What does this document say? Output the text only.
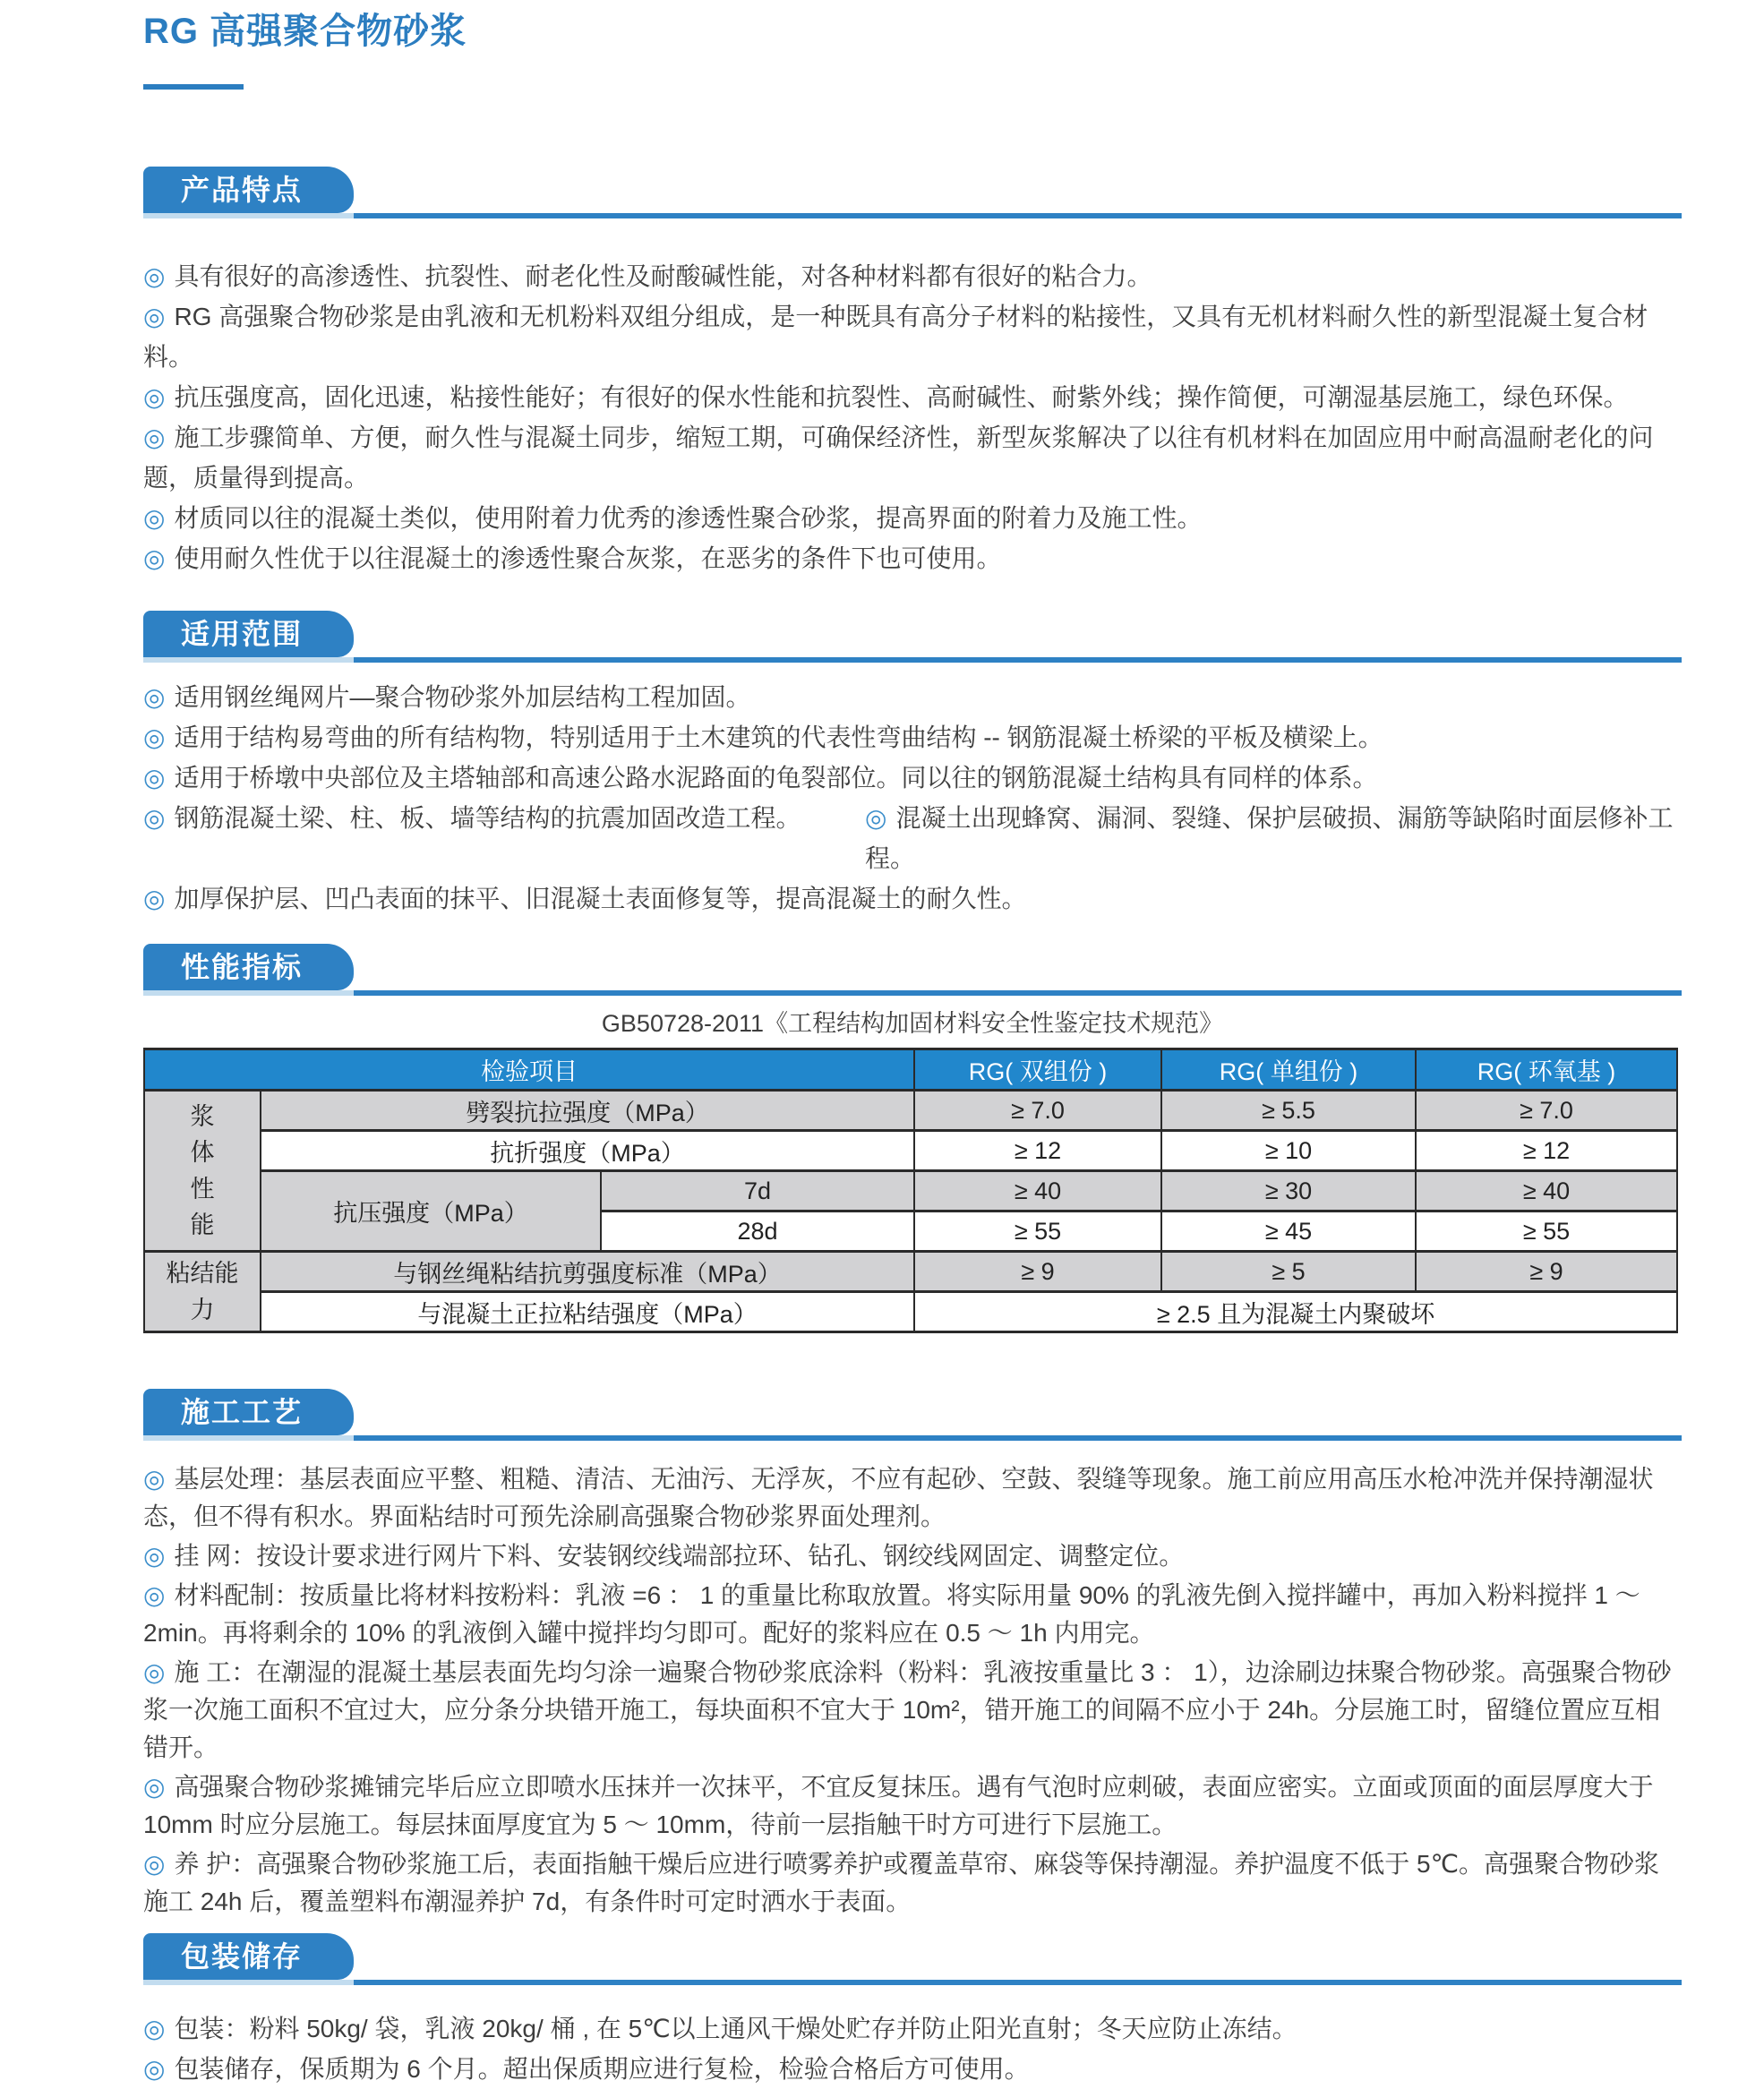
RG 高强聚合物砂浆
产品特点

◎ 具有很好的高渗透性、抗裂性、耐老化性及耐酸碱性能，对各种材料都有很好的粘合力。

◎ RG 高强聚合物砂浆是由乳液和无机粉料双组分组成，是一种既具有高分子材料的粘接性，又具有无机材料耐久性的新型混凝土复合材料。

◎ 抗压强度高，固化迅速，粘接性能好；有很好的保水性能和抗裂性、高耐碱性、耐紫外线；操作简便，可潮湿基层施工，绿色环保。

◎ 施工步骤简单、方便，耐久性与混凝土同步，缩短工期，可确保经济性，新型灰浆解决了以往有机材料在加固应用中耐高温耐老化的问题，质量得到提高。

◎ 材质同以往的混凝土类似，使用附着力优秀的渗透性聚合砂浆，提高界面的附着力及施工性。

◎ 使用耐久性优于以往混凝土的渗透性聚合灰浆，在恶劣的条件下也可使用。

适用范围

◎ 适用钢丝绳网片—聚合物砂浆外加层结构工程加固。

◎ 适用于结构易弯曲的所有结构物，特别适用于土木建筑的代表性弯曲结构 -- 钢筋混凝土桥梁的平板及横梁上。

◎ 适用于桥墩中央部位及主塔轴部和高速公路水泥路面的龟裂部位。同以往的钢筋混凝土结构具有同样的体系。

◎ 钢筋混凝土梁、柱、板、墙等结构的抗震加固改造工程。	◎ 混凝土出现蜂窝、漏洞、裂缝、保护层破损、漏筋等缺陷时面层修补工程。

◎ 加厚保护层、凹凸表面的抹平、旧混凝土表面修复等，提高混凝土的耐久性。

性能指标
GB50728-2011《工程结构加固材料安全性鉴定技术规范》
检验项目			RG( 双组份 )	RG( 单组份 )	RG( 环氧基 )

浆体性能	劈裂抗拉强度（MPa）		≥ 7.0	≥ 5.5	≥ 7.0
	抗折强度（MPa）		≥ 12	≥ 10	≥ 12
	抗压强度（MPa）	7d	≥ 40	≥ 30	≥ 40
		28d	≥ 55	≥ 45	≥ 55

粘结能力	与钢丝绳粘结抗剪强度标准（MPa）		≥ 9	≥ 5	≥ 9
	与混凝土正拉粘结强度（MPa）		≥ 2.5 且为混凝土内聚破坏		
施工工艺

◎ 基层处理：基层表面应平整、粗糙、清洁、无油污、无浮灰，不应有起砂、空鼓、裂缝等现象。施工前应用高压水枪冲洗并保持潮湿状态，但不得有积水。界面粘结时可预先涂刷高强聚合物砂浆界面处理剂。

◎ 挂 网：按设计要求进行网片下料、安装钢绞线端部拉环、钻孔、钢绞线网固定、调整定位。

◎ 材料配制：按质量比将材料按粉料：乳液 =6 ： 1 的重量比称取放置。将实际用量 90% 的乳液先倒入搅拌罐中，再加入粉料搅拌 1 ～ 2min。再将剩余的 10% 的乳液倒入罐中搅拌均匀即可。配好的浆料应在 0.5 ～ 1h 内用完。

◎ 施 工：在潮湿的混凝土基层表面先均匀涂一遍聚合物砂浆底涂料（粉料：乳液按重量比 3 ： 1），边涂刷边抹聚合物砂浆。高强聚合物砂浆一次施工面积不宜过大，应分条分块错开施工，每块面积不宜大于 10m²，错开施工的间隔不应小于 24h。分层施工时，留缝位置应互相错开。

◎ 高强聚合物砂浆摊铺完毕后应立即喷水压抹并一次抹平，不宜反复抹压。遇有气泡时应刺破，表面应密实。立面或顶面的面层厚度大于 10mm 时应分层施工。每层抹面厚度宜为 5 ～ 10mm，待前一层指触干时方可进行下层施工。

◎ 养 护：高强聚合物砂浆施工后，表面指触干燥后应进行喷雾养护或覆盖草帘、麻袋等保持潮湿。养护温度不低于 5℃。高强聚合物砂浆施工 24h 后，覆盖塑料布潮湿养护 7d，有条件时可定时洒水于表面。

包装储存

◎ 包装：粉料 50kg/ 袋，乳液 20kg/ 桶 , 在 5℃以上通风干燥处贮存并防止阳光直射；冬天应防止冻结。

◎ 包装储存，保质期为 6 个月。超出保质期应进行复检，检验合格后方可使用。
